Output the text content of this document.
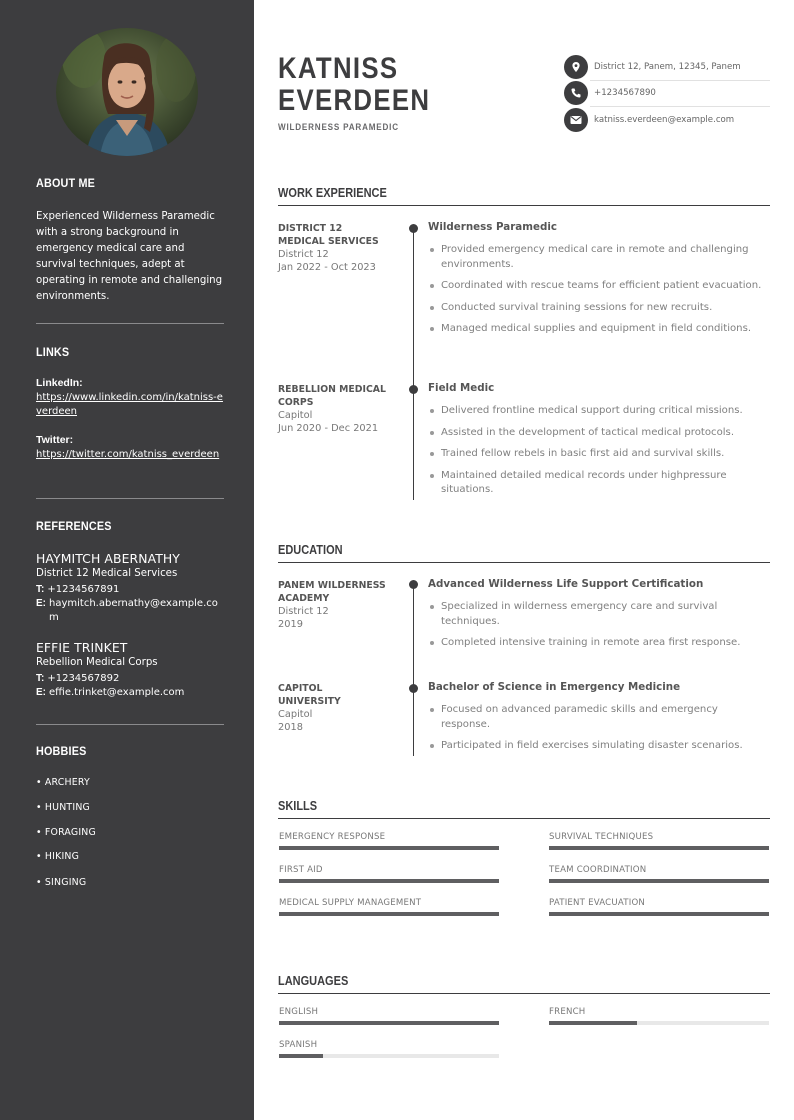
ABOUT ME

Experienced Wilderness Paramedic with a strong background in emergency medical care and survival techniques, adept at operating in remote and challenging environments.

LINKS
LinkedIn:
https://www.linkedin.com/in/katniss-everdeen
Twitter:
https://twitter.com/katniss_everdeen
REFERENCES
HAYMITCH ABERNATHY
District 12 Medical Services
T: +1234567891
E: haymitch.abernathy@example.com
EFFIE TRINKET
Rebellion Medical Corps
T: +1234567892
E: effie.trinket@example.com
HOBBIES
• ARCHERY
• HUNTING
• FORAGING
• HIKING
• SINGING
KATNISS
EVERDEEN
WILDERNESS PARAMEDIC
District 12, Panem, 12345, Panem
+1234567890
katniss.everdeen@example.com
WORK EXPERIENCE
DISTRICT 12
MEDICAL SERVICES
District 12
Jan 2022 - Oct 2023
Wilderness Paramedic
Provided emergency medical care in remote and challenging environments.
Coordinated with rescue teams for efficient patient evacuation.
Conducted survival training sessions for new recruits.
Managed medical supplies and equipment in field conditions.
REBELLION MEDICAL
CORPS
Capitol
Jun 2020 - Dec 2021
Field Medic
Delivered frontline medical support during critical missions.
Assisted in the development of tactical medical protocols.
Trained fellow rebels in basic first aid and survival skills.
Maintained detailed medical records under highpressure situations.
EDUCATION
PANEM WILDERNESS
ACADEMY
District 12
2019
Advanced Wilderness Life Support Certification
Specialized in wilderness emergency care and survival techniques.
Completed intensive training in remote area first response.
CAPITOL
UNIVERSITY
Capitol
2018
Bachelor of Science in Emergency Medicine
Focused on advanced paramedic skills and emergency response.
Participated in field exercises simulating disaster scenarios.
SKILLS
EMERGENCY RESPONSE	SURVIVAL TECHNIQUES
FIRST AID	TEAM COORDINATION
MEDICAL SUPPLY MANAGEMENT	PATIENT EVACUATION
LANGUAGES
ENGLISH	FRENCH
SPANISH
